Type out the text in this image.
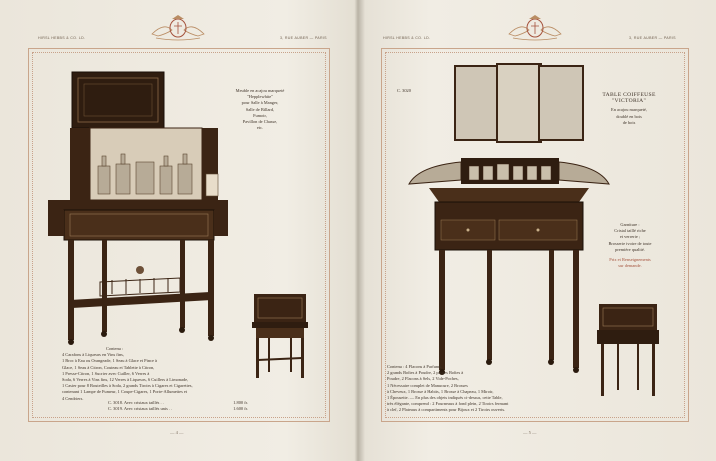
HIRSL HEBBS & CO. LD.	3, RUE AUBER — PARIS
Meuble en acajou marqueté
"Hepplewhite"
pour Salle à Manger,
Salle de Billard,
Fumoir,
Pavillon de Chasse,
etc.
Contenu :
4 Carafons à Liqueurs en Vins fins,
1 Broc à Eau ou Orangeade, 1 Seau à Glace et Pince à
Glace, 1 Seau à Citron, Couteau et Tablette à Citron,
1 Presse-Citron, 1 Sucrier avec Cuiller, 6 Verres à
Soda, 6 Verres à Vins fins, 12 Verres à Liqueurs, 6 Cuillers à Limonade,
1 Casier pour 8 Bouteilles à Soda, 2 grands Tiroirs à Cigares et Cigarettes,
contenant 1 Lampe de Fumeur, 1 Coupe-Cigares, 1 Porte-Allumettes et
4 Cendriers.
C. 3018. Avec cristaux taillés . .	1.800 fr.
C. 3019. Avec cristaux taillés unis . .	1.600 fr.
— 4 —
HIRSL HEBBS & CO. LD.	3, RUE AUBER — PARIS
C. 3020
TABLE COIFFEUSE
"VICTORIA"
En acajou marqueté,
doublé en bois
de bois
Garniture :
Cristal taillé riche
et verrerie ;
Brosserie ivoire de toute
première qualité.
Prix et Renseignements
sur demande.
Contenu : 4 Flacons à Parfums,
2 grands Boîtes à Poudre, 2 petites Boîtes à
Poudre, 2 Flacons à Sels, 2 Vide-Poches,
1 Nécessaire complet de Manucure, 2 Brosses
à Cheveux, 1 Brosse à Habits, 1 Brosse à Chapeau, 1 Miroir,
1 Épousette. — En plus des objets indiqués ci-dessus, cette Table,
très élégante, comprend : 2 Fourneaux à fond plein, 2 Tiroirs fermant
à clef, 2 Plateaux à compartiments pour Bijoux et 2 Tiroirs ouverts.
— 5 —
